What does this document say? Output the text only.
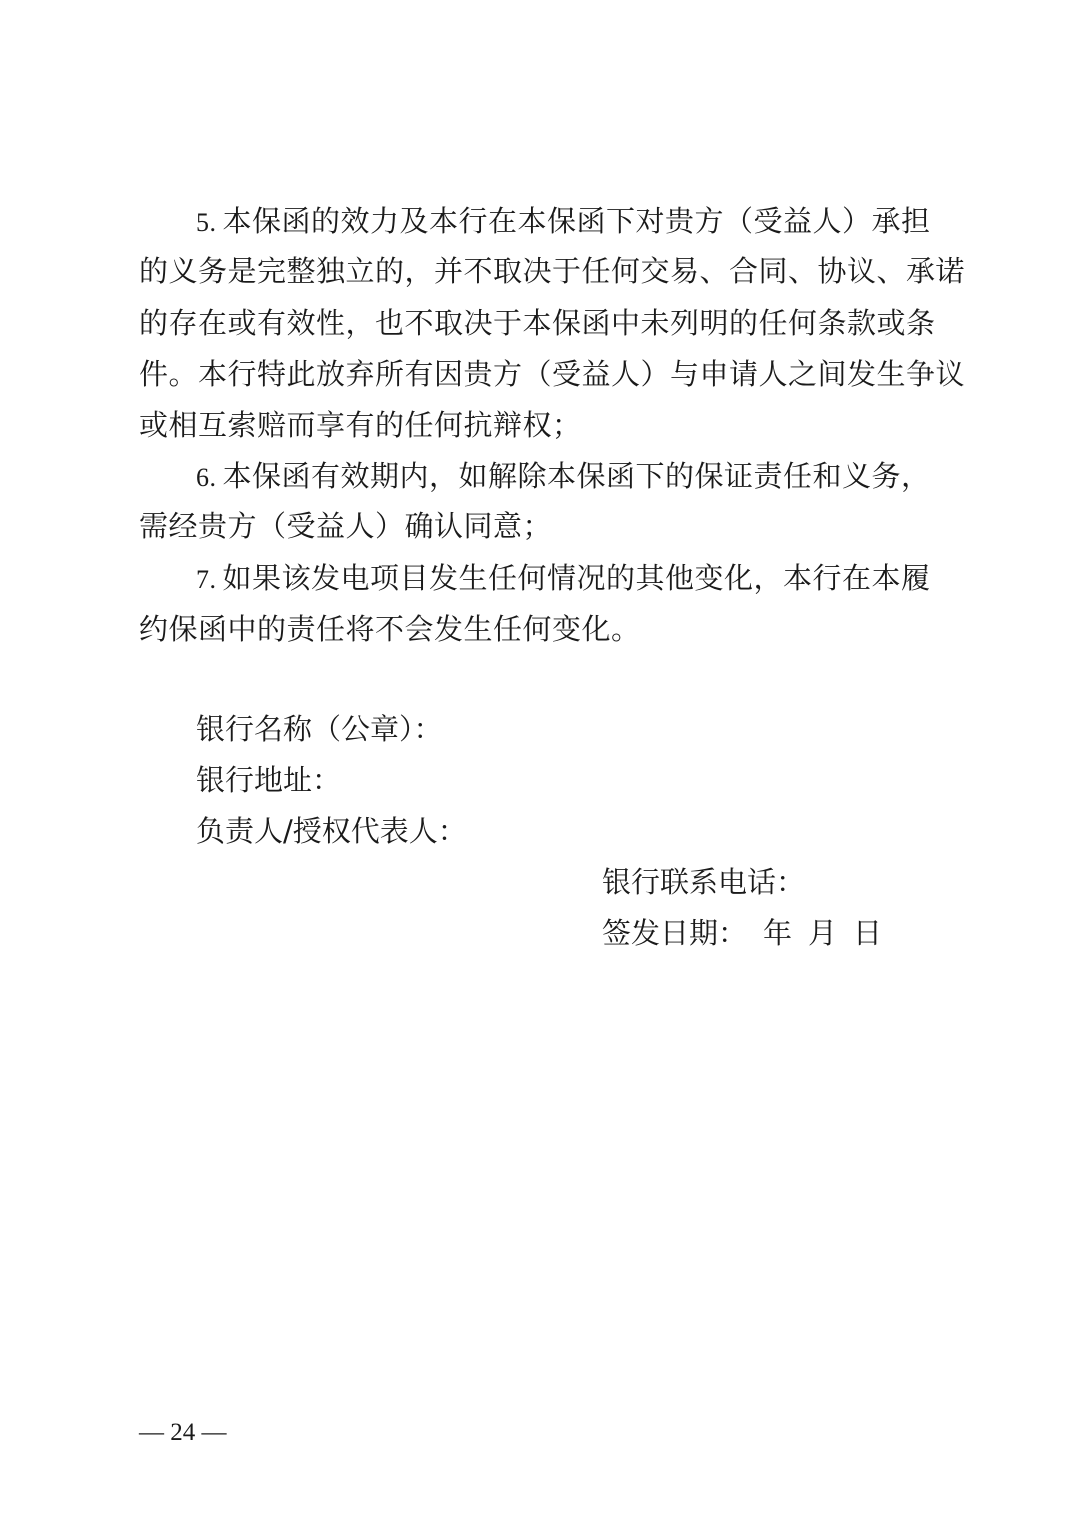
5. 本保函的效力及本行在本保函下对贵方（受益人）承担
的义务是完整独立的，并不取决于任何交易、合同、协议、承诺
的存在或有效性，也不取决于本保函中未列明的任何条款或条
件。本行特此放弃所有因贵方（受益人）与申请人之间发生争议
或相互索赔而享有的任何抗辩权；
6. 本保函有效期内，如解除本保函下的保证责任和义务，
需经贵方（受益人）确认同意；
7. 如果该发电项目发生任何情况的其他变化，本行在本履
约保函中的责任将不会发生任何变化。
银行名称（公章）：
银行地址：
负责人/授权代表人：
银行联系电话：
签发日期： 年 月 日
— 24 —
